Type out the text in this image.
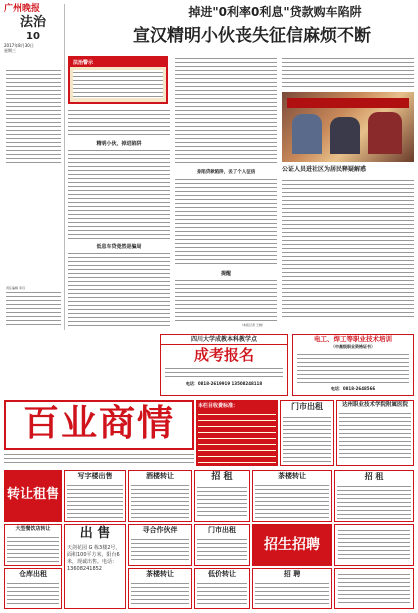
广州晚报
法治
10
2017年8月30日
星期三
责任编辑 李丹
掉进"0利率0利息"贷款购车陷阱
宣汉精明小伙丧失征信麻烦不断
法治警示
精明小伙，掉进陷阱
低息车贷竟然是骗局
身陷贷款陷阱，丢了个人征信
提醒
（本报记者 王晓）
公证人员进社区为居民释疑解惑
四川大学成教本科教学点
成考报名
电话：0818-2619919 13508248118
电工、焊工等职业技术培训
（中高级职业资格证书）
电话：0818-2648566
百业商情	本栏目收费标准：	门市出租	达州职业技术学院附属医院
转让租售
写字楼出售	酒楼转让	招 租	茶楼转让	招 租
大型餐饮店转让	出 售
天剑花园 G 栋3楼2号，面积100平方米，阳台6米，现诚出售。电话：13608241852
寻合作伙伴	门市出租
招生招聘
仓库出租	茶楼转让	低价转让	招 聘
